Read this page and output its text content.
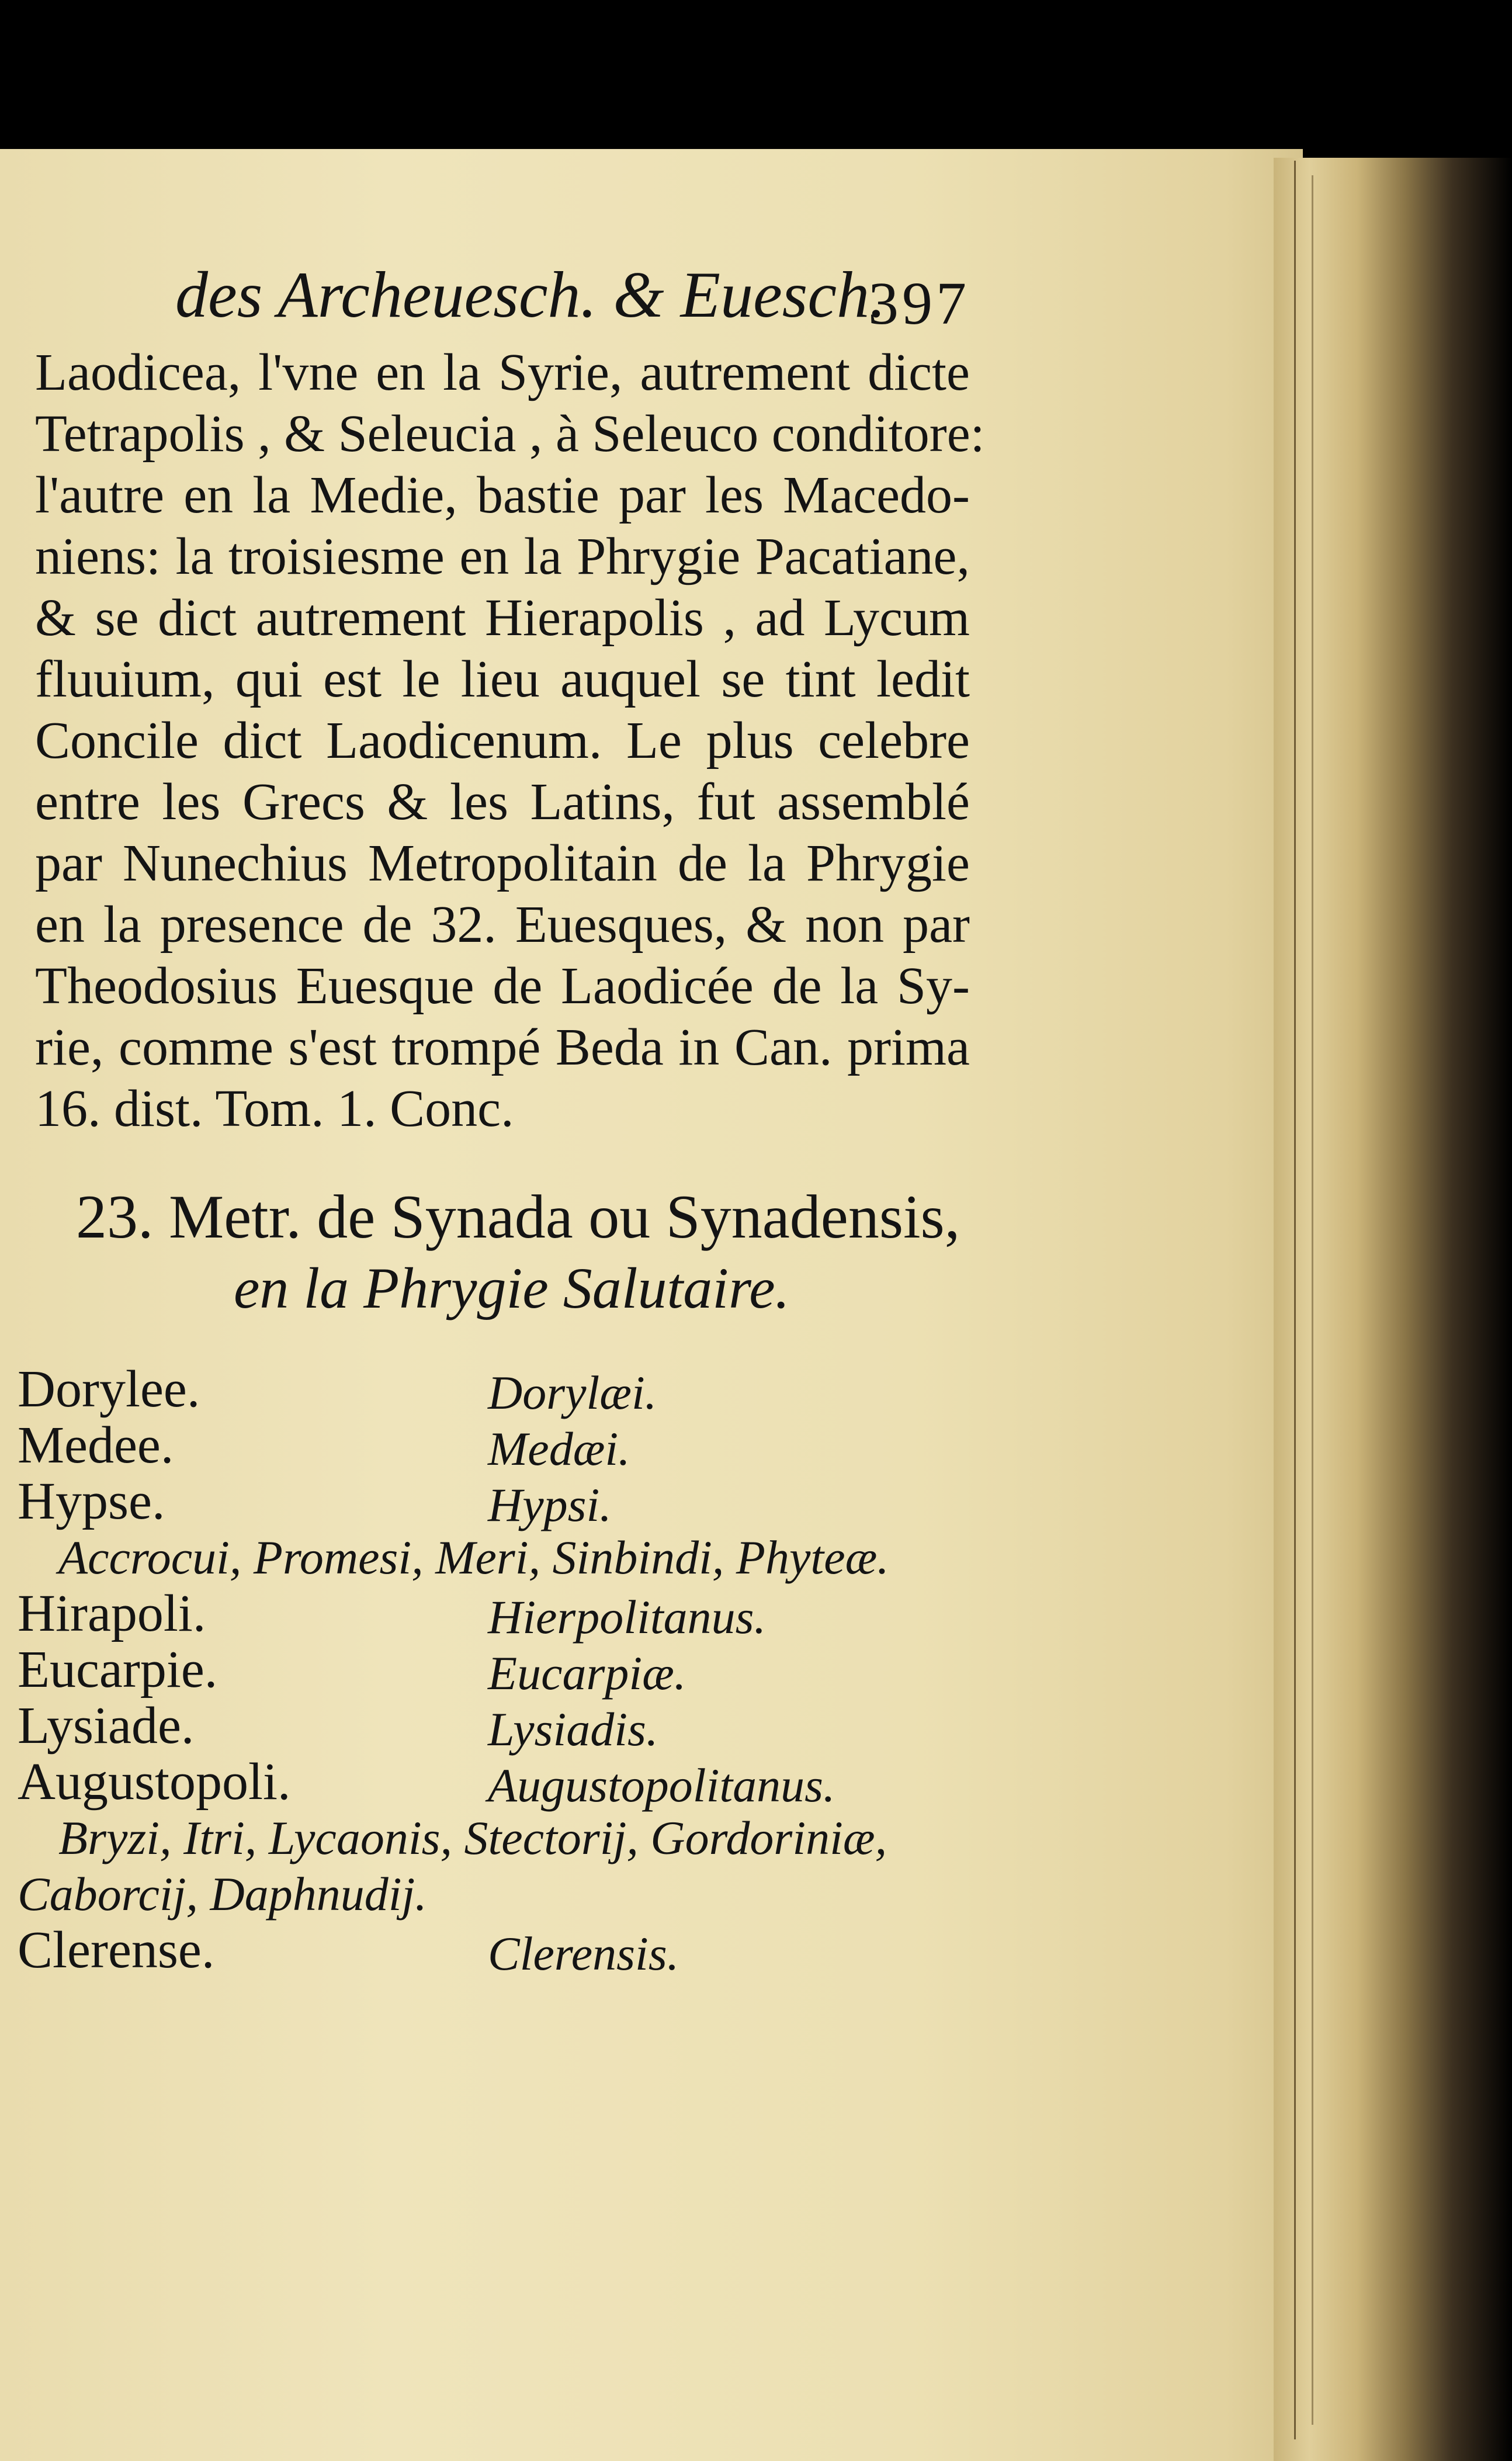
des Archeuesch. & Euesch.
397
Laodicea, l'vne en la Syrie, autrement dicte
Tetrapolis , & Seleucia , à Seleuco conditore:
l'autre en la Medie, bastie par les Macedo-
niens: la troisiesme en la Phrygie Pacatiane,
& se dict autrement Hierapolis , ad Lycum
fluuium, qui est le lieu auquel se tint ledit
Concile dict Laodicenum. Le plus celebre
entre les Grecs & les Latins, fut assemblé
par Nunechius Metropolitain de la Phrygie
en la presence de 32. Euesques, & non par
Theodosius Euesque de Laodicée de la Sy-
rie, comme s'est trompé Beda in Can. prima
16. dist. Tom. 1. Conc.
23. Metr. de Synada ou Synadensis,
en la Phrygie Salutaire.
Dorylee.	Dorylæi.
Medee.	Medæi.
Hypse.	Hypsi.
Accrocui, Promesi, Meri, Sinbindi, Phyteæ.
Hirapoli.	Hierpolitanus.
Eucarpie.	Eucarpiæ.
Lysiade.	Lysiadis.
Augustopoli.	Augustopolitanus.
Bryzi, Itri, Lycaonis, Stectorij, Gordoriniæ,
Caborcij, Daphnudij.
Clerense.	Clerensis.
